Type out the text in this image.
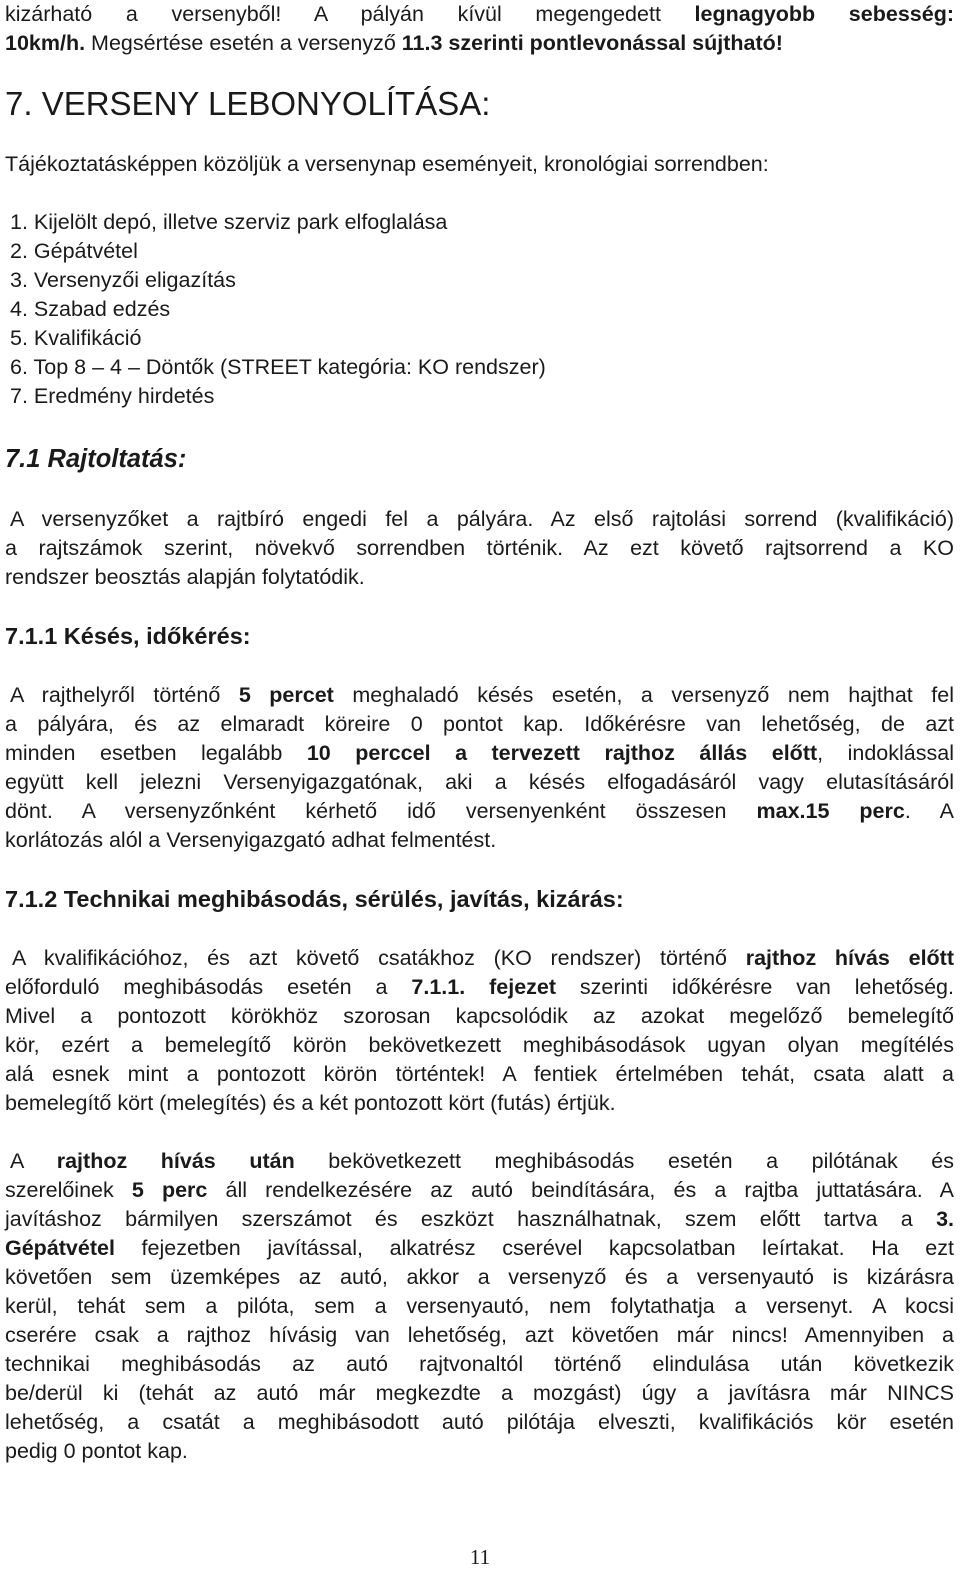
kizárható a versenyből! A pályán kívül megengedett legnagyobb sebesség:
10km/h. Megsértése esetén a versenyző 11.3 szerinti pontlevonással sújtható!
7. VERSENY LEBONYOLÍTÁSA:
Tájékoztatásképpen közöljük a versenynap eseményeit, kronológiai sorrendben:
1. Kijelölt depó, illetve szerviz park elfoglalása
2. Gépátvétel
3. Versenyzői eligazítás
4. Szabad edzés
5. Kvalifikáció
6. Top 8 – 4 – Döntők (STREET kategória: KO rendszer)
7. Eredmény hirdetés
7.1 Rajtoltatás:
A versenyzőket a rajtbíró engedi fel a pályára. Az első rajtolási sorrend (kvalifikáció)
a rajtszámok szerint, növekvő sorrendben történik. Az ezt követő rajtsorrend a KO
rendszer beosztás alapján folytatódik.
7.1.1 Késés, időkérés:
A rajthelyről történő 5 percet meghaladó késés esetén, a versenyző nem hajthat fel
a pályára, és az elmaradt köreire 0 pontot kap. Időkérésre van lehetőség, de azt
minden esetben legalább 10 perccel a tervezett rajthoz állás előtt, indoklással
együtt kell jelezni Versenyigazgatónak, aki a késés elfogadásáról vagy elutasításáról
dönt. A versenyzőnként kérhető idő versenyenként összesen max.15 perc. A
korlátozás alól a Versenyigazgató adhat felmentést.
7.1.2 Technikai meghibásodás, sérülés, javítás, kizárás:
A kvalifikációhoz, és azt követő csatákhoz (KO rendszer) történő rajthoz hívás előtt
előforduló meghibásodás esetén a 7.1.1. fejezet szerinti időkérésre van lehetőség.
Mivel a pontozott körökhöz szorosan kapcsolódik az azokat megelőző bemelegítő
kör, ezért a bemelegítő körön bekövetkezett meghibásodások ugyan olyan megítélés
alá esnek mint a pontozott körön történtek! A fentiek értelmében tehát, csata alatt a
bemelegítő kört (melegítés) és a két pontozott kört (futás) értjük.
A rajthoz hívás után bekövetkezett meghibásodás esetén a pilótának és
szerelőinek 5 perc áll rendelkezésére az autó beindítására, és a rajtba juttatására. A
javításhoz bármilyen szerszámot és eszközt használhatnak, szem előtt tartva a 3.
Gépátvétel fejezetben javítással, alkatrész cserével kapcsolatban leírtakat. Ha ezt
követően sem üzemképes az autó, akkor a versenyző és a versenyautó is kizárásra
kerül, tehát sem a pilóta, sem a versenyautó, nem folytathatja a versenyt. A kocsi
cserére csak a rajthoz hívásig van lehetőség, azt követően már nincs! Amennyiben a
technikai meghibásodás az autó rajtvonaltól történő elindulása után következik
be/derül ki (tehát az autó már megkezdte a mozgást) úgy a javításra már NINCS
lehetőség, a csatát a meghibásodott autó pilótája elveszti, kvalifikációs kör esetén
pedig 0 pontot kap.
11
